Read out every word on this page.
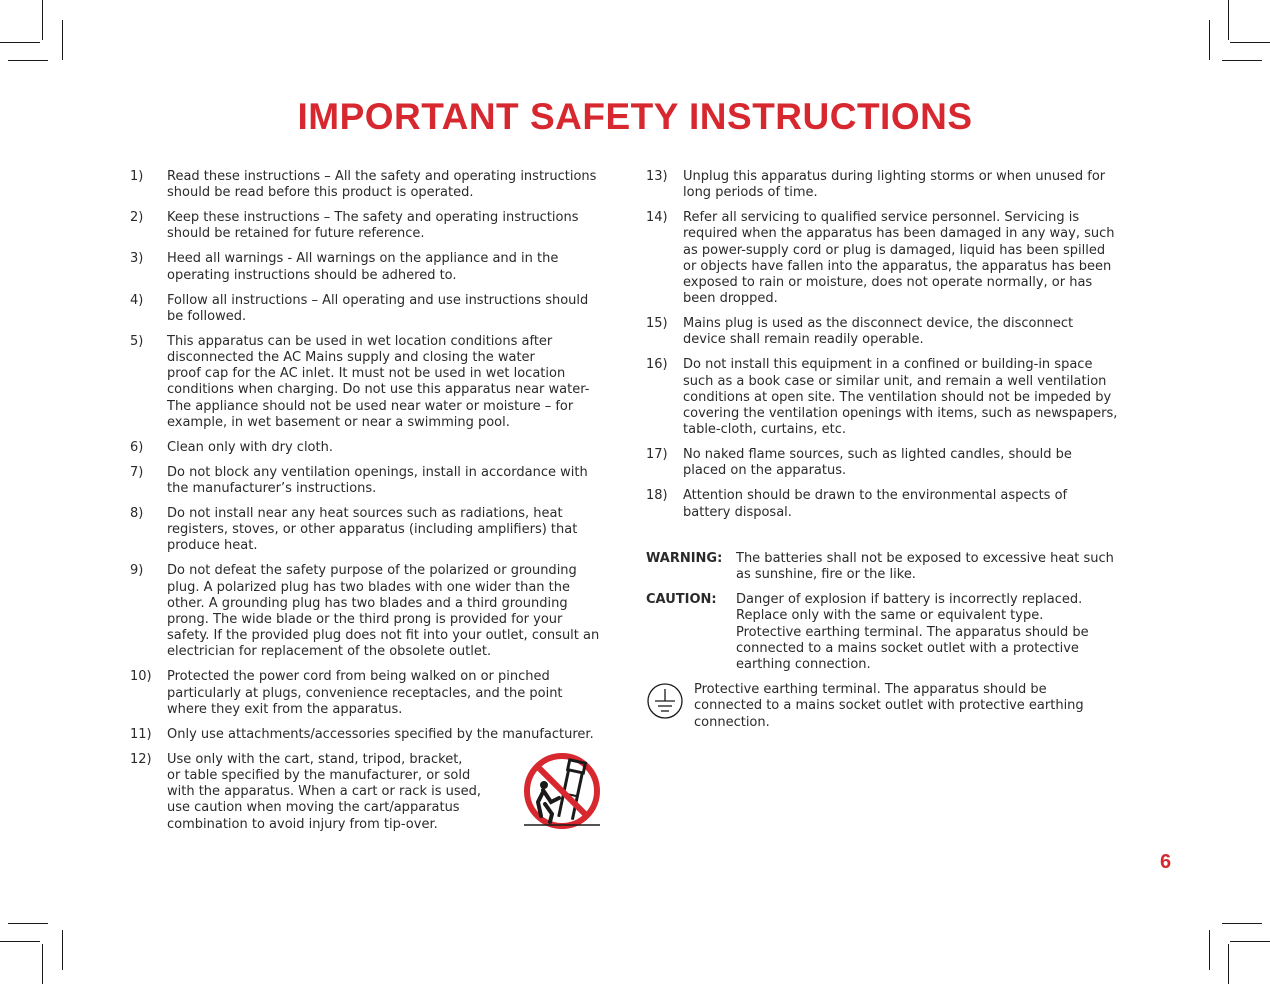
IMPORTANT SAFETY INSTRUCTIONS
1)	Read these instructions – All the safety and operating instructions
should be read before this product is operated.
2)	Keep these instructions – The safety and operating instructions
should be retained for future reference.
3)	Heed all warnings - All warnings on the appliance and in the
operating instructions should be adhered to.
4)	Follow all instructions – All operating and use instructions should
be followed.
5)	This apparatus can be used in wet location conditions after
disconnected the AC Mains supply and closing the water
proof cap for the AC inlet. It must not be used in wet location
conditions when charging. Do not use this apparatus near water-
The appliance should not be used near water or moisture – for
example, in wet basement or near a swimming pool.
6)	Clean only with dry cloth.
7)	Do not block any ventilation openings, install in accordance with
the manufacturer’s instructions.
8)	Do not install near any heat sources such as radiations, heat
registers, stoves, or other apparatus (including amplifiers) that
produce heat.
9)	Do not defeat the safety purpose of the polarized or grounding
plug. A polarized plug has two blades with one wider than the
other. A grounding plug has two blades and a third grounding
prong. The wide blade or the third prong is provided for your
safety. If the provided plug does not fit into your outlet, consult an
electrician for replacement of the obsolete outlet.
10)	Protected the power cord from being walked on or pinched
particularly at plugs, convenience receptacles, and the point
where they exit from the apparatus.
11)	Only use attachments/accessories specified by the manufacturer.
12)	Use only with the cart, stand, tripod, bracket,
or table specified by the manufacturer, or sold
with the apparatus. When a cart or rack is used,
use caution when moving the cart/apparatus
combination to avoid injury from tip-over.
13)	Unplug this apparatus during lighting storms or when unused for
long periods of time.
14)	Refer all servicing to qualified service personnel. Servicing is
required when the apparatus has been damaged in any way, such
as power-supply cord or plug is damaged, liquid has been spilled
or objects have fallen into the apparatus, the apparatus has been
exposed to rain or moisture, does not operate normally, or has
been dropped.
15)	Mains plug is used as the disconnect device, the disconnect
device shall remain readily operable.
16)	Do not install this equipment in a confined or building-in space
such as a book case or similar unit, and remain a well ventilation
conditions at open site. The ventilation should not be impeded by
covering the ventilation openings with items, such as newspapers,
table-cloth, curtains, etc.
17)	No naked flame sources, such as lighted candles, should be
placed on the apparatus.
18)	Attention should be drawn to the environmental aspects of
battery disposal.
WARNING:	The batteries shall not be exposed to excessive heat such
as sunshine, fire or the like.
CAUTION:	Danger of explosion if battery is incorrectly replaced.
Replace only with the same or equivalent type.
Protective earthing terminal. The apparatus should be
connected to a mains socket outlet with a protective
earthing connection.
Protective earthing terminal. The apparatus should be
connected to a mains socket outlet with protective earthing
connection.
6
